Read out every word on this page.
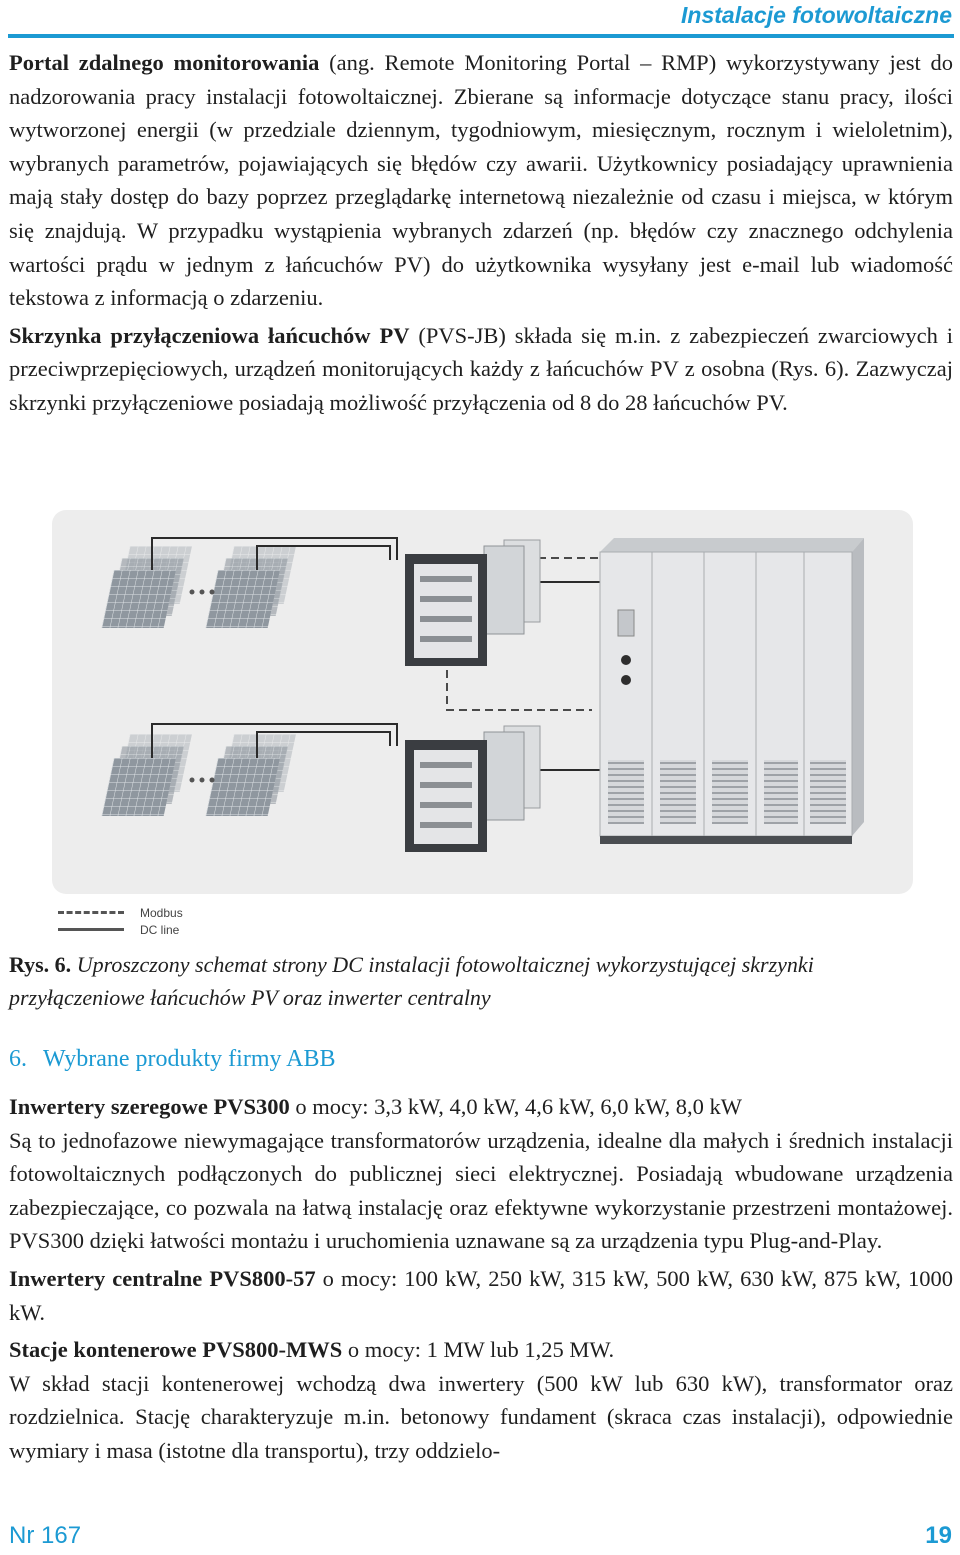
Instalacje fotowoltaiczne

Portal zdalnego monitorowania (ang. Remote Monitoring Portal – RMP) wykorzystywany jest do nadzorowania pracy instalacji fotowoltaicznej. Zbierane są informacje dotyczące stanu pracy, ilości wytworzonej energii (w przedziale dziennym, tygodniowym, miesięcznym, rocznym i wieloletnim), wybranych parametrów, pojawiających się błędów czy awarii. Użytkownicy posiadający uprawnienia mają stały dostęp do bazy poprzez przeglądarkę internetową niezależnie od czasu i miejsca, w którym się znajdują. W przypadku wystąpienia wybranych zdarzeń (np. błędów czy znacznego odchylenia wartości prądu w jednym z łańcuchów PV) do użytkownika wysyłany jest e-mail lub wiadomość tekstowa z informacją o zdarzeniu.

Skrzynka przyłączeniowa łańcuchów PV (PVS-JB) składa się m.in. z zabezpieczeń zwarciowych i przeciwprzepięciowych, urządzeń monitorujących każdy z łańcuchów PV z osobna (Rys. 6). Zazwyczaj skrzynki przyłączeniowe posiadają możliwość przyłączenia od 8 do 28 łańcuchów PV.

Modbus
DC line
Rys. 6. Uproszczony schemat strony DC instalacji fotowoltaicznej wykorzystującej skrzynki przyłączeniowe łańcuchów PV oraz inwerter centralny
6. Wybrane produkty firmy ABB

Inwertery szeregowe PVS300 o mocy: 3,3 kW, 4,0 kW, 4,6 kW, 6,0 kW, 8,0 kW

Są to jednofazowe niewymagające transformatorów urządzenia, idealne dla małych i średnich instalacji fotowoltaicznych podłączonych do publicznej sieci elektrycznej. Posiadają wbudowane urządzenia zabezpieczające, co pozwala na łatwą instalację oraz efektywne wykorzystanie przestrzeni montażowej. PVS300 dzięki łatwości montażu i uruchomienia uznawane są za urządzenia typu Plug-and-Play.

Inwertery centralne PVS800-57 o mocy: 100 kW, 250 kW, 315 kW, 500 kW, 630 kW, 875 kW, 1000 kW.

Stacje kontenerowe PVS800-MWS o mocy: 1 MW lub 1,25 MW.

W skład stacji kontenerowej wchodzą dwa inwertery (500 kW lub 630 kW), transformator oraz rozdzielnica. Stację charakteryzuje m.in. betonowy fundament (skraca czas instalacji), odpowiednie wymiary i masa (istotne dla transportu), trzy oddzielo-

Nr 167	19
